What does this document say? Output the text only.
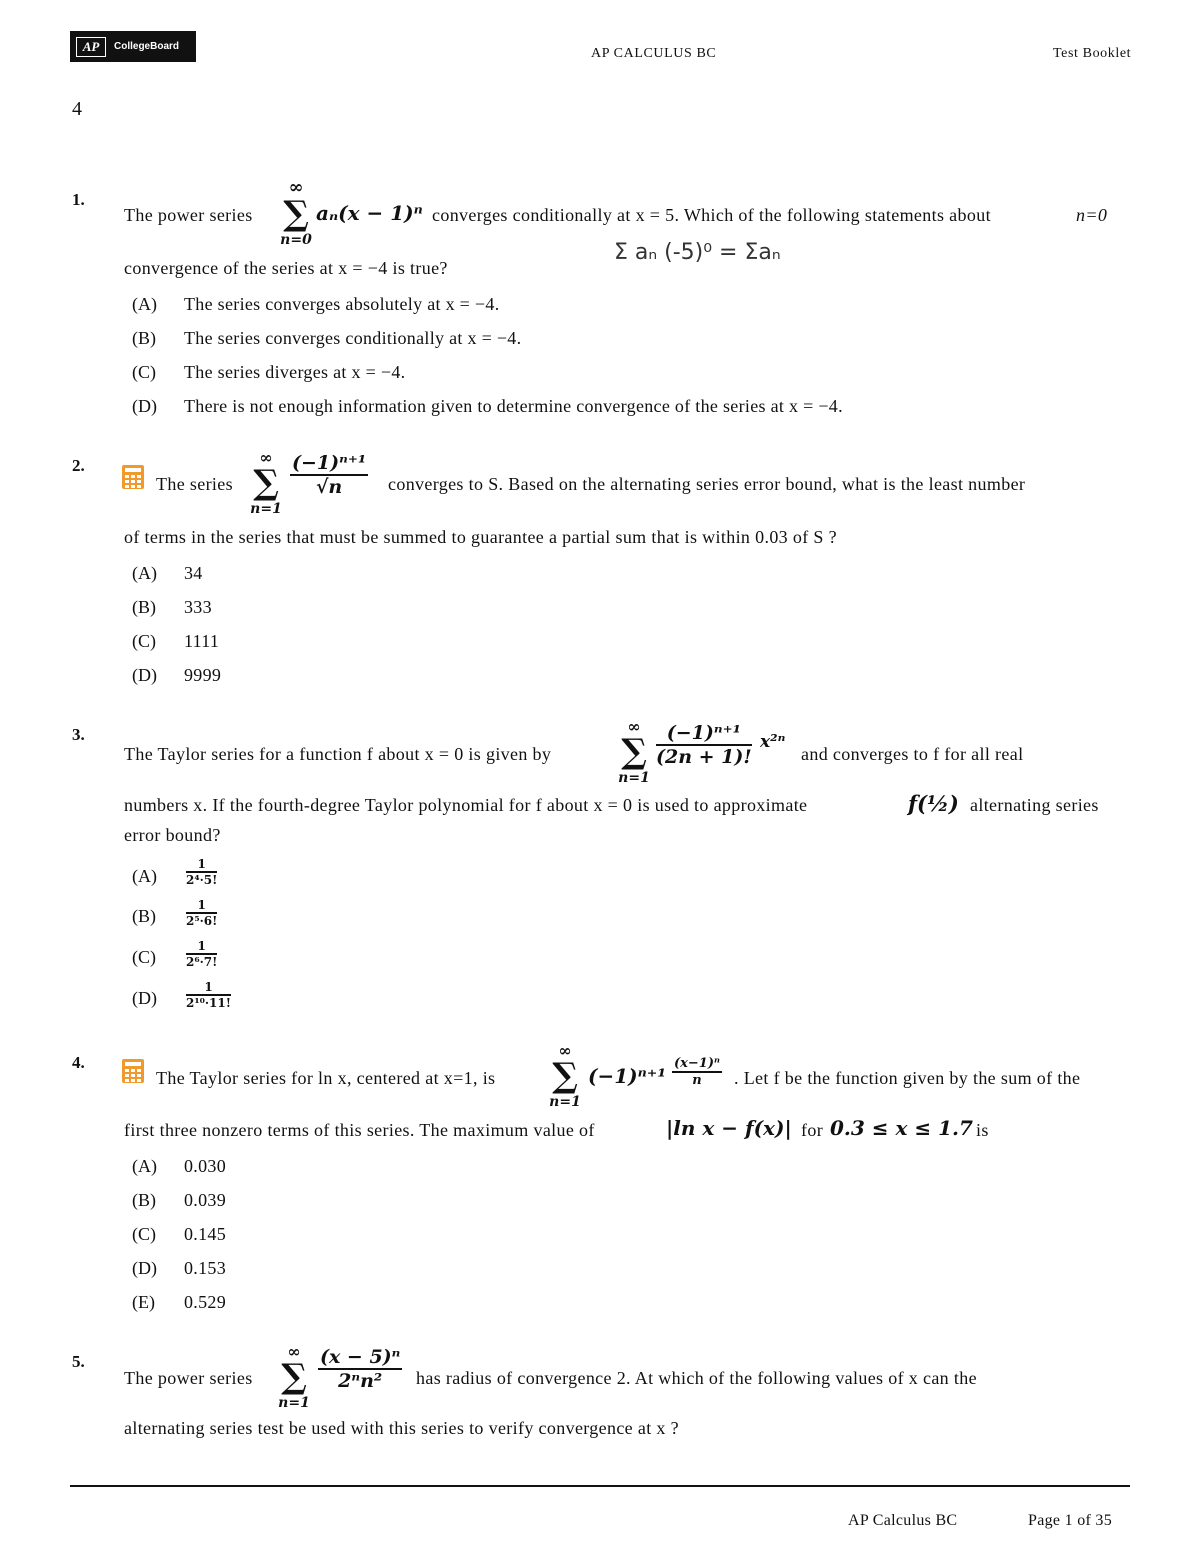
AP	CollegeBoard	AP CALCULUS BC	Test Booklet
4
1.
The power series
∞
∑
n=0
aₙ(x − 1)ⁿ converges conditionally at x = 5. Which of the following statements about	n=0
convergence of the series at x = −4 is true?
Σ aₙ (-5)⁰ = Σaₙ
(A) The series converges absolutely at x = −4.
(B) The series converges conditionally at x = −4.
(C) The series diverges at x = −4.
(D) There is not enough information given to determine convergence of the series at x = −4.
2.
The series
∞
∑
n=1
$\frac{\text{(−1)ⁿ⁺¹}}{√n}$ converges to S. Based on the alternating series error bound, what is the least number
of terms in the series that must be summed to guarantee a partial sum that is within 0.03 of S ?
(A) 34
(B) 333
(C) 1111
(D) 9999
3.
The Taylor series for a function f about x = 0 is given by
∞
∑
n=1
$\frac{\text{(−1)ⁿ⁺¹}}{(2n + 1)!} x^{2n}$
and converges to f for all real
numbers x. If the fourth-degree Taylor polynomial for f about x = 0 is used to approximate	f(½) alternating series
error bound?
$(A) \frac{1}{\text{2⁴·5!}}$
(B)	$\frac{1}{\text{2⁵·6!}}$
(C)	$\frac{1}{\text{2⁶·7!}}$
$(D) \frac{1}{\text{2¹⁰·11!}}$
4.
The Taylor series for ln x, centered at x=1, is
∞
∑
n=1
$(-1)^{n+1} \frac{\text{(x−1)ⁿ}}{n}$ . Let f be the function given by the sum of the
first three nonzero terms of this series. The maximum value of	|ln x − f(x)| for 0.3 ≤ x ≤ 1.7 is
(A) 0.030
(B) 0.039
(C) 0.145
(D) 0.153
(E) 0.529
5.
The power series
∞
∑
n=1
$\frac{\text{(x − 5)ⁿ}}{\text{2ⁿn²}}$ has radius of convergence 2. At which of the following values of x can the
alternating series test be used with this series to verify convergence at x ?
AP Calculus BC	Page 1 of 35
